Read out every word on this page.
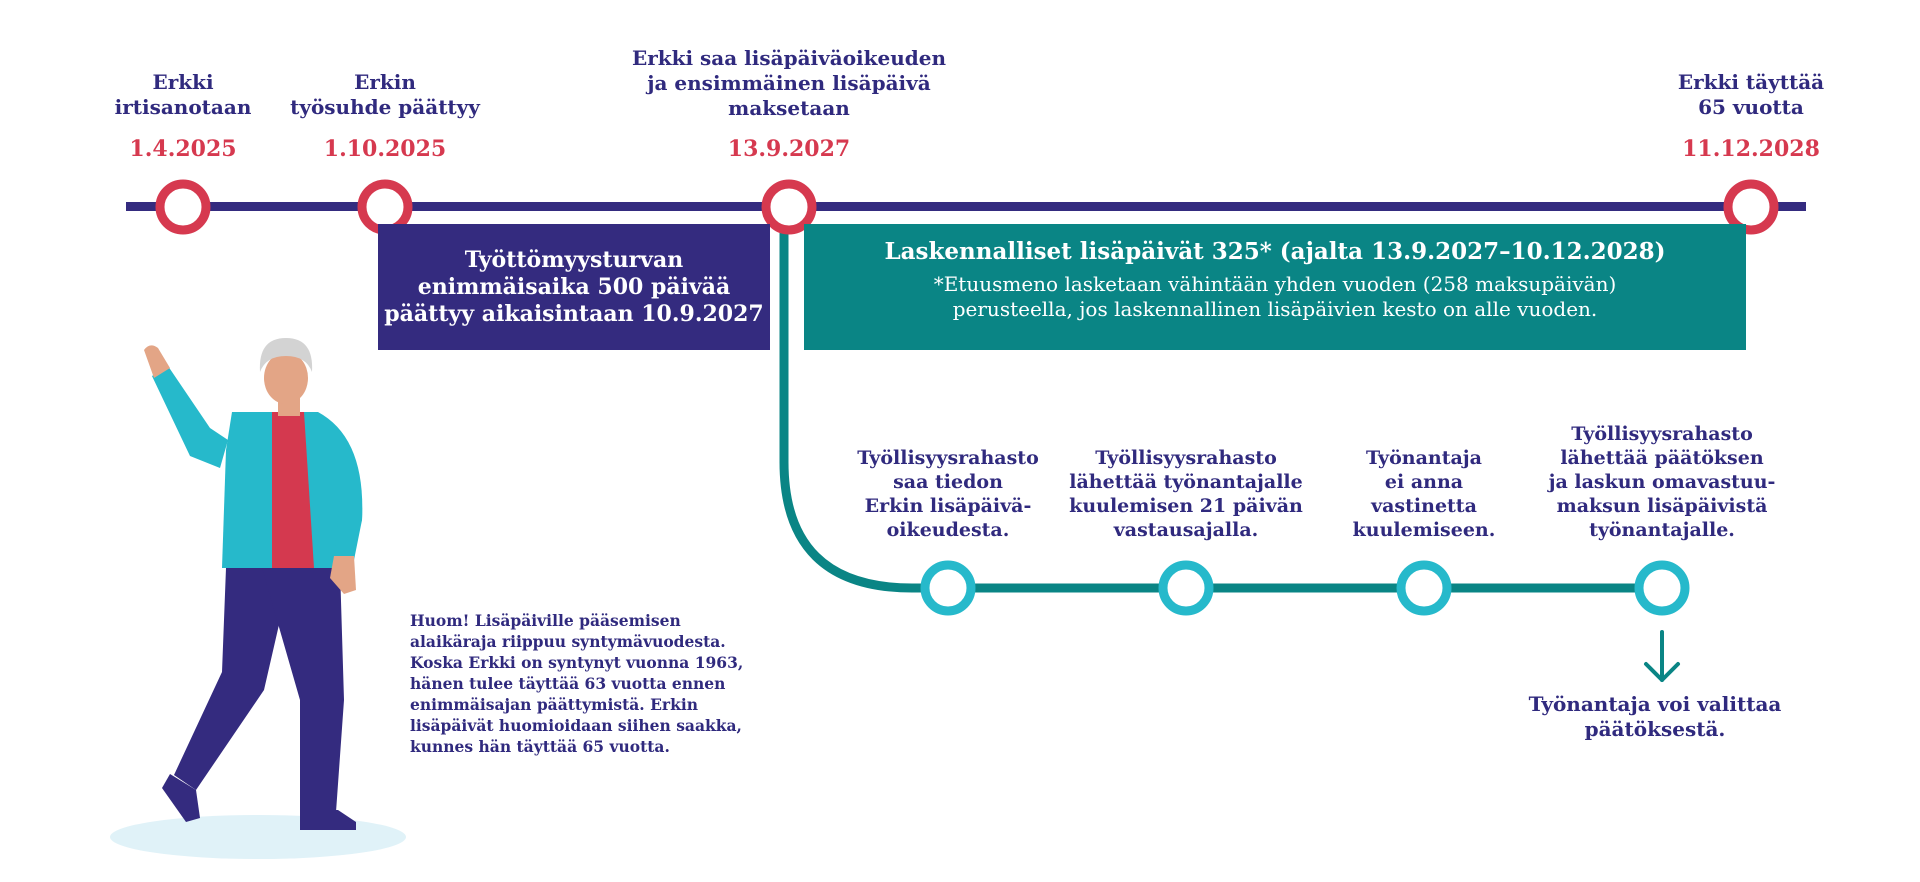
Erkki
irtisanotaan
1.4.2025
Erkin
työsuhde päättyy
1.10.2025
Erkki saa lisäpäiväoikeuden
ja ensimmäinen lisäpäivä
maksetaan
13.9.2027
Erkki täyttää
65 vuotta
11.12.2028
Työttömyysturvan
enimmäisaika 500 päivää
päättyy aikaisintaan 10.9.2027
Laskennalliset lisäpäivät 325* (ajalta 13.9.2027–10.12.2028)
*Etuusmeno lasketaan vähintään yhden vuoden (258 maksupäivän)
perusteella, jos laskennallinen lisäpäivien kesto on alle vuoden.
Työllisyysrahasto
saa tiedon
Erkin lisäpäivä-
oikeudesta.
Työllisyysrahasto
lähettää työnantajalle
kuulemisen 21 päivän
vastausajalla.
Työnantaja
ei anna
vastinetta
kuulemiseen.
Työllisyysrahasto
lähettää päätöksen
ja laskun omavastuu-
maksun lisäpäivistä
työnantajalle.
Työnantaja voi valittaa
päätöksestä.
Huom! Lisäpäiville pääsemisen
alaikäraja riippuu syntymävuodesta.
Koska Erkki on syntynyt vuonna 1963,
hänen tulee täyttää 63 vuotta ennen
enimmäisajan päättymistä. Erkin
lisäpäivät huomioidaan siihen saakka,
kunnes hän täyttää 65 vuotta.
